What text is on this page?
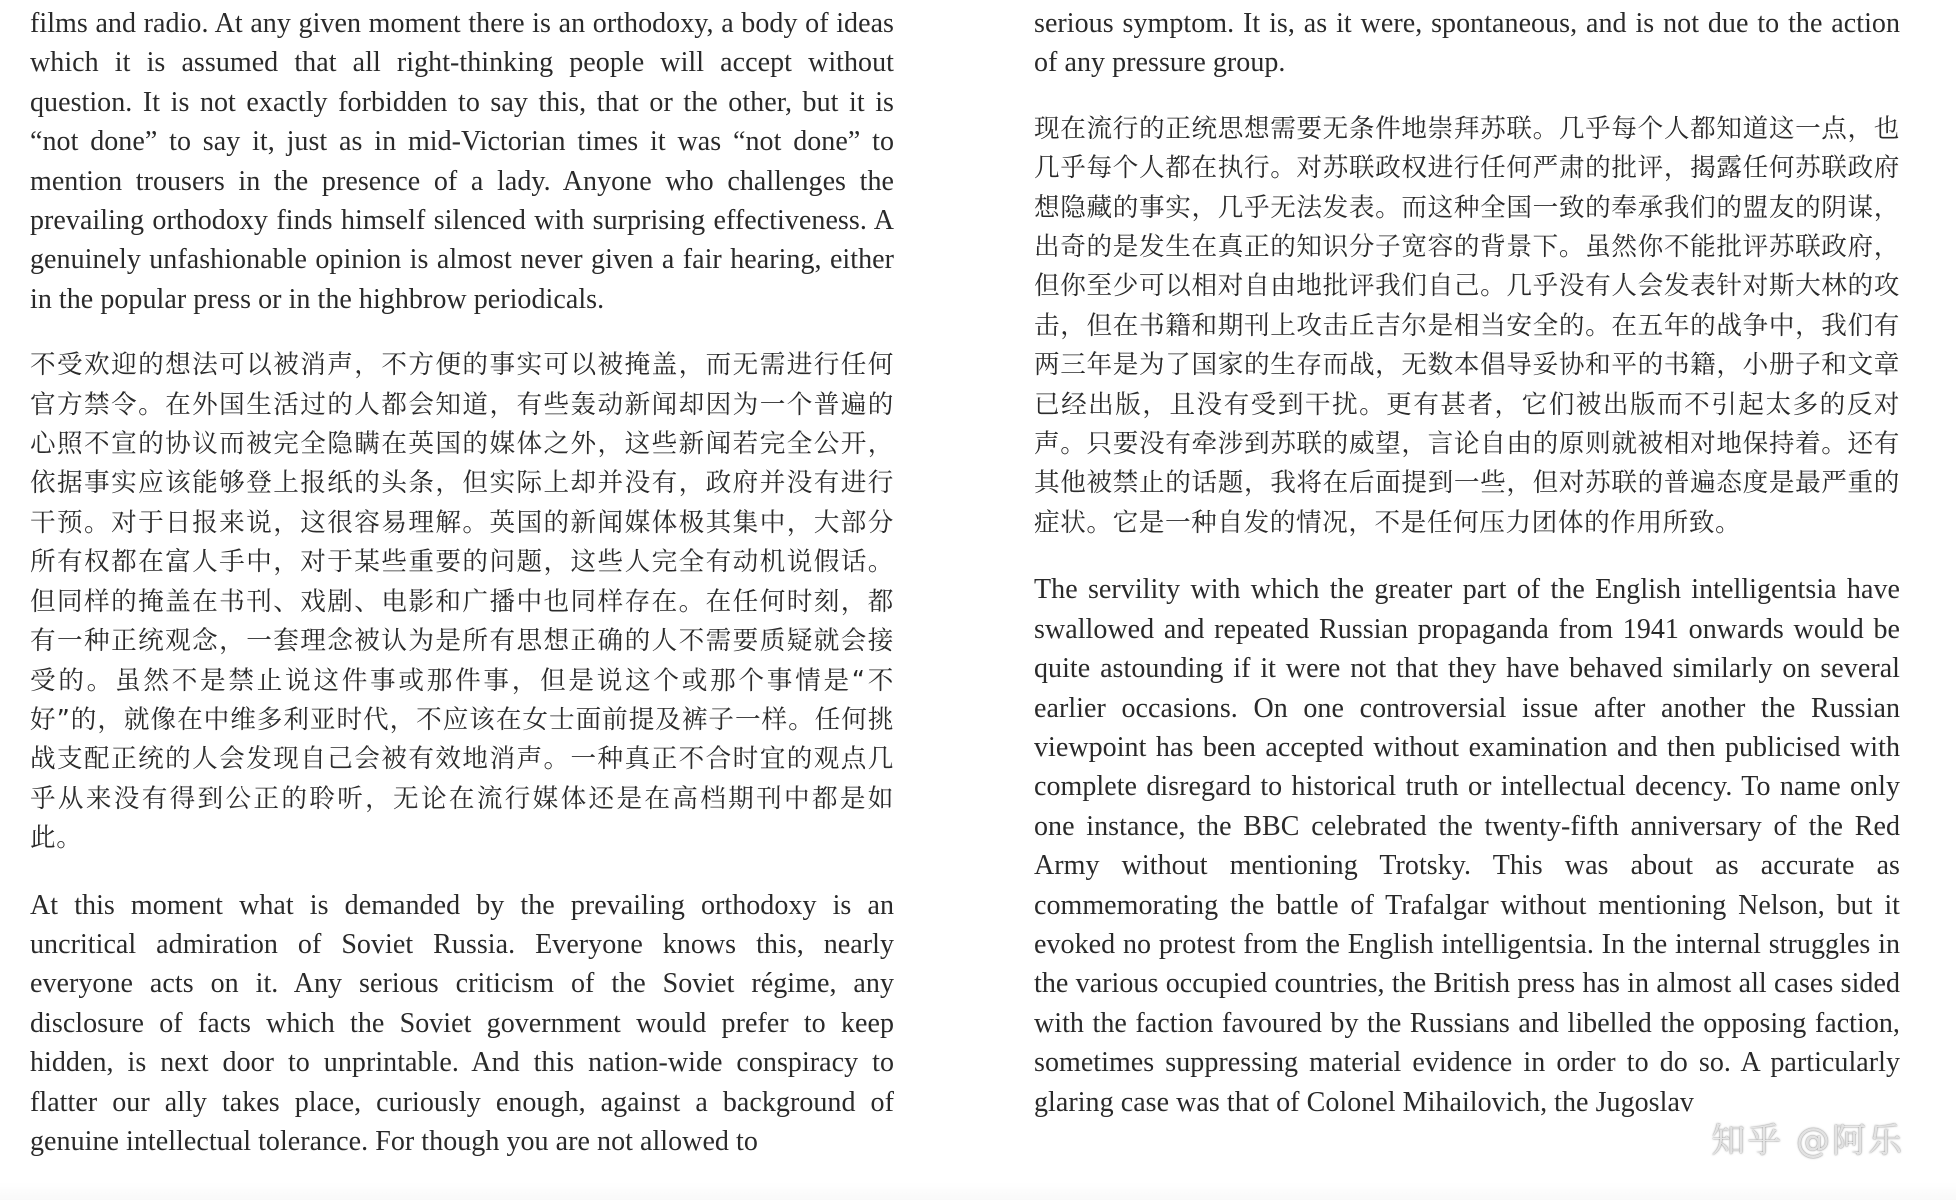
films and radio. At any given moment there is an orthodoxy, a body of ideas which it is assumed that all right-thinking people will accept without question. It is not exactly forbidden to say this, that or the other, but it is “not done” to say it, just as in mid-Victorian times it was “not done” to mention trousers in the presence of a lady. Anyone who challenges the prevailing orthodoxy finds himself silenced with surprising effectiveness. A genuinely unfashionable opinion is almost never given a fair hearing, either in the popular press or in the highbrow periodicals.

不受欢迎的想法可以被消声，不方便的事实可以被掩盖，而无需进行任何官方禁令。在外国生活过的人都会知道，有些轰动新闻却因为一个普遍的心照不宣的协议而被完全隐瞒在英国的媒体之外，这些新闻若完全公开，依据事实应该能够登上报纸的头条，但实际上却并没有，政府并没有进行干预。对于日报来说，这很容易理解。英国的新闻媒体极其集中，大部分所有权都在富人手中，对于某些重要的问题，这些人完全有动机说假话。但同样的掩盖在书刊、戏剧、电影和广播中也同样存在。在任何时刻，都有一种正统观念，一套理念被认为是所有思想正确的人不需要质疑就会接受的。虽然不是禁止说这件事或那件事，但是说这个或那个事情是“不好”的，就像在中维多利亚时代，不应该在女士面前提及裤子一样。任何挑战支配正统的人会发现自己会被有效地消声。一种真正不合时宜的观点几乎从来没有得到公正的聆听，无论在流行媒体还是在高档期刊中都是如此。

At this moment what is demanded by the prevailing orthodoxy is an uncritical admiration of Soviet Russia. Everyone knows this, nearly everyone acts on it. Any serious criticism of the Soviet régime, any disclosure of facts which the Soviet government would prefer to keep hidden, is next door to unprintable. And this nation-wide conspiracy to flatter our ally takes place, curiously enough, against a background of genuine intellectual tolerance. For though you are not allowed to

serious symptom. It is, as it were, spontaneous, and is not due to the action of any pressure group.

现在流行的正统思想需要无条件地崇拜苏联。几乎每个人都知道这一点，也几乎每个人都在执行。对苏联政权进行任何严肃的批评，揭露任何苏联政府想隐藏的事实，几乎无法发表。而这种全国一致的奉承我们的盟友的阴谋，出奇的是发生在真正的知识分子宽容的背景下。虽然你不能批评苏联政府，但你至少可以相对自由地批评我们自己。几乎没有人会发表针对斯大林的攻击，但在书籍和期刊上攻击丘吉尔是相当安全的。在五年的战争中，我们有两三年是为了国家的生存而战，无数本倡导妥协和平的书籍，小册子和文章已经出版，且没有受到干扰。更有甚者，它们被出版而不引起太多的反对声。只要没有牵涉到苏联的威望，言论自由的原则就被相对地保持着。还有其他被禁止的话题，我将在后面提到一些，但对苏联的普遍态度是最严重的症状。它是一种自发的情况，不是任何压力团体的作用所致。

The servility with which the greater part of the English intelligentsia have swallowed and repeated Russian propaganda from 1941 onwards would be quite astounding if it were not that they have behaved similarly on several earlier occasions. On one controversial issue after another the Russian viewpoint has been accepted without examination and then publicised with complete disregard to historical truth or intellectual decency. To name only one instance, the BBC celebrated the twenty-fifth anniversary of the Red Army without mentioning Trotsky. This was about as accurate as commemorating the battle of Trafalgar without mentioning Nelson, but it evoked no protest from the English intelligentsia. In the internal struggles in the various occupied countries, the British press has in almost all cases sided with the faction favoured by the Russians and libelled the opposing faction, sometimes suppressing material evidence in order to do so. A particularly glaring case was that of Colonel Mihailovich, the Jugoslav

知乎 @阿乐
